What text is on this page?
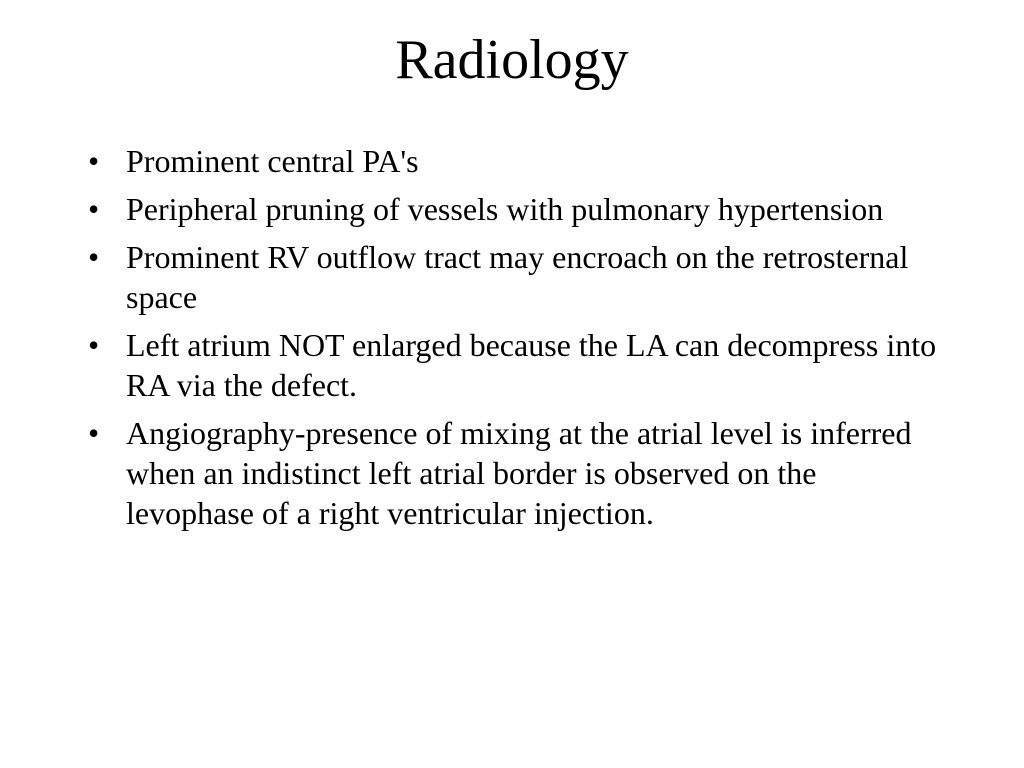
Radiology
• Prominent central PA's
• Peripheral pruning of vessels with pulmonary hypertension
• Prominent RV outflow tract may encroach on the retrosternal space
• Left atrium NOT enlarged because the LA can decompress into RA via the defect.
• Angiography-presence of mixing at the atrial level is inferred when an indistinct left atrial border is observed on the levophase of a right ventricular injection.
